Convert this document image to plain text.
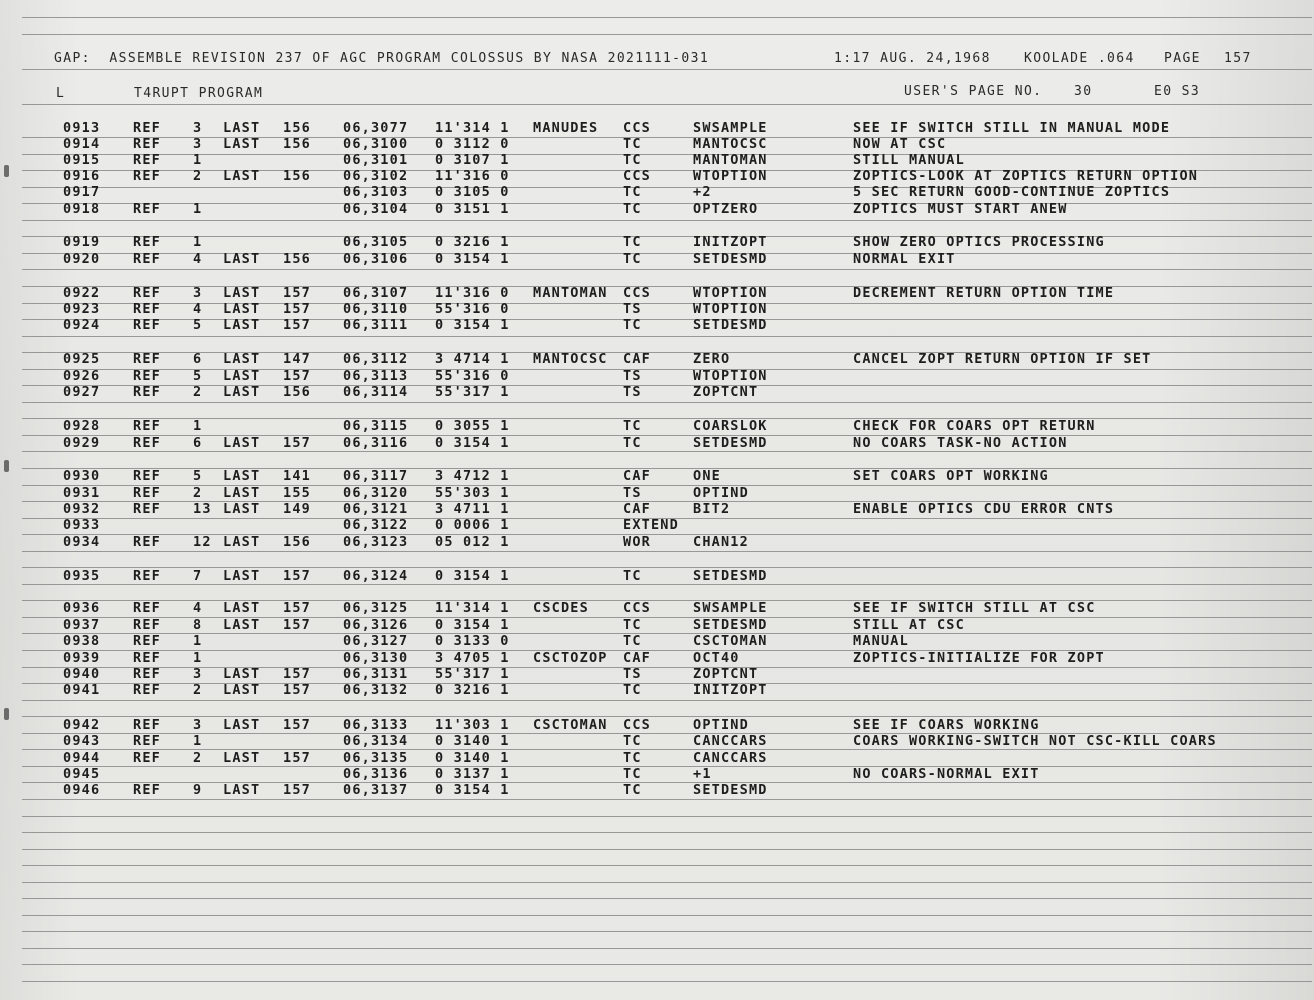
GAP:  ASSEMBLE REVISION 237 OF AGC PROGRAM COLOSSUS BY NASA 2021111-031	1:17 AUG. 24,1968	KOOLADE .064 PAGE 157
L	T4RUPT PROGRAM	USER'S PAGE NO. 30	E0 S3
0913 REF 3 LAST 156 06,3077 11'314 1 MANUDES CCS	SWSAMPLE	SEE IF SWITCH STILL IN MANUAL MODE
0914 REF 3 LAST 156 06,3100 0 3112 0	TC	MANTOCSC	NOW AT CSC
0915 REF 1	06,3101 0 3107 1	TC	MANTOMAN	STILL MANUAL
0916 REF 2 LAST 156 06,3102 11'316 0	CCS	WTOPTION	ZOPTICS-LOOK AT ZOPTICS RETURN OPTION
0917	06,3103 0 3105 0	TC	+2	5 SEC RETURN GOOD-CONTINUE ZOPTICS
0918 REF 1	06,3104 0 3151 1	TC	OPTZERO	ZOPTICS MUST START ANEW
0919 REF 1	06,3105 0 3216 1	TC	INITZOPT	SHOW ZERO OPTICS PROCESSING
0920 REF 4 LAST 156 06,3106 0 3154 1	TC	SETDESMD	NORMAL EXIT
0922 REF 3 LAST 157 06,3107 11'316 0 MANTOMAN CCS	WTOPTION	DECREMENT RETURN OPTION TIME
0923 REF 4 LAST 157 06,3110 55'316 0	TS	WTOPTION
0924 REF 5 LAST 157 06,3111 0 3154 1	TC	SETDESMD
0925 REF 6 LAST 147 06,3112 3 4714 1 MANTOCSC CAF	ZERO	CANCEL ZOPT RETURN OPTION IF SET
0926 REF 5 LAST 157 06,3113 55'316 0	TS	WTOPTION
0927 REF 2 LAST 156 06,3114 55'317 1	TS	ZOPTCNT
0928 REF 1	06,3115 0 3055 1	TC	COARSLOK	CHECK FOR COARS OPT RETURN
0929 REF 6 LAST 157 06,3116 0 3154 1	TC	SETDESMD	NO COARS TASK-NO ACTION
0930 REF 5 LAST 141 06,3117 3 4712 1	CAF	ONE	SET COARS OPT WORKING
0931 REF 2 LAST 155 06,3120 55'303 1	TS	OPTIND
0932 REF 13 LAST 149 06,3121 3 4711 1	CAF	BIT2	ENABLE OPTICS CDU ERROR CNTS
0933	06,3122 0 0006 1	EXTEND
0934 REF 12 LAST 156 06,3123 05 012 1	WOR	CHAN12
0935 REF 7 LAST 157 06,3124 0 3154 1	TC	SETDESMD
0936 REF 4 LAST 157 06,3125 11'314 1 CSCDES	CCS	SWSAMPLE	SEE IF SWITCH STILL AT CSC
0937 REF 8 LAST 157 06,3126 0 3154 1	TC	SETDESMD	STILL AT CSC
0938 REF 1	06,3127 0 3133 0	TC	CSCTOMAN	MANUAL
0939 REF 1	06,3130 3 4705 1 CSCTOZOP CAF	OCT40	ZOPTICS-INITIALIZE FOR ZOPT
0940 REF 3 LAST 157 06,3131 55'317 1	TS	ZOPTCNT
0941 REF 2 LAST 157 06,3132 0 3216 1	TC	INITZOPT
0942 REF 3 LAST 157 06,3133 11'303 1 CSCTOMAN CCS	OPTIND	SEE IF COARS WORKING
0943 REF 1	06,3134 0 3140 1	TC	CANCCARS	COARS WORKING-SWITCH NOT CSC-KILL COARS
0944 REF 2 LAST 157 06,3135 0 3140 1	TC	CANCCARS
0945	06,3136 0 3137 1	TC	+1	NO COARS-NORMAL EXIT
0946 REF 9 LAST 157 06,3137 0 3154 1	TC	SETDESMD
